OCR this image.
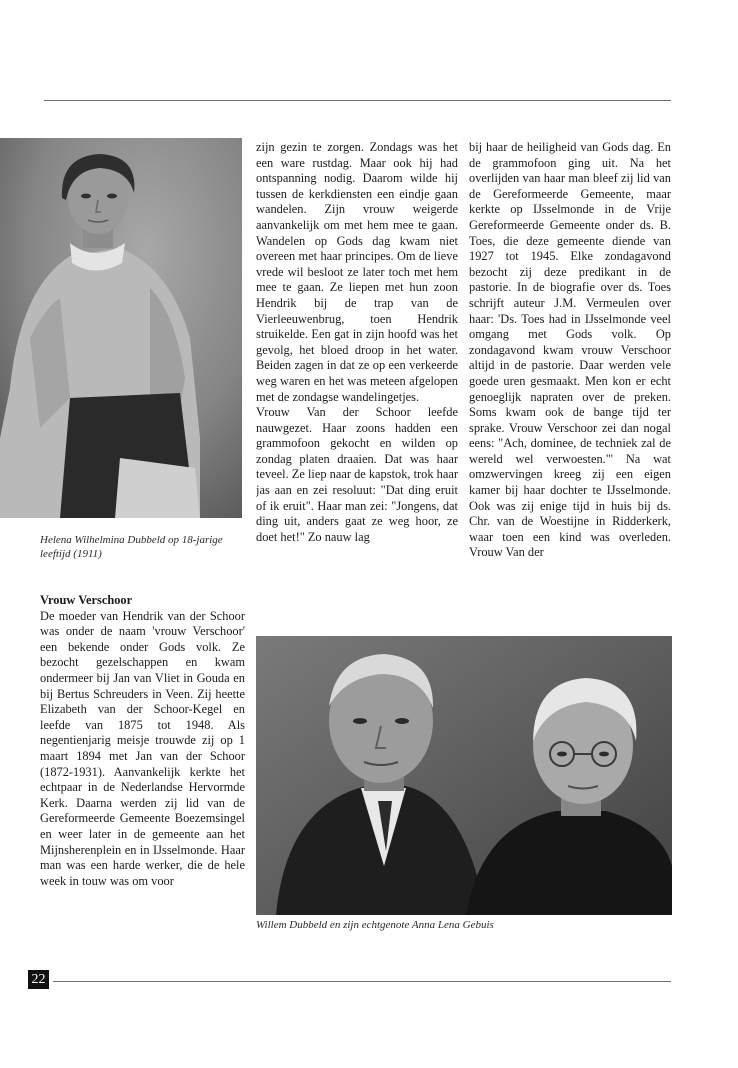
Helena Wilhelmina Dubbeld op 18-jarige leeftijd (1911)

Vrouw Verschoor

De moeder van Hendrik van der Schoor was onder de naam 'vrouw Verschoor' een bekende onder Gods volk. Ze bezocht gezelschappen en kwam ondermeer bij Jan van Vliet in Gouda en bij Bertus Schreuders in Veen. Zij heette Elizabeth van der Schoor-Kegel en leefde van 1875 tot 1948. Als negentienjarig meisje trouwde zij op 1 maart 1894 met Jan van der Schoor (1872-1931). Aanvankelijk kerkte het echtpaar in de Nederlandse Hervormde Kerk. Daarna werden zij lid van de Gereformeerde Gemeente Boezemsingel en weer later in de gemeente aan het Mijnsherenplein en in IJsselmonde. Haar man was een harde werker, die de hele week in touw was om voor

zijn gezin te zorgen. Zondags was het een ware rustdag. Maar ook hij had ontspanning nodig. Daarom wilde hij tussen de kerkdiensten een eindje gaan wandelen. Zijn vrouw weigerde aanvankelijk om met hem mee te gaan. Wandelen op Gods dag kwam niet overeen met haar principes. Om de lieve vrede wil besloot ze later toch met hem mee te gaan. Ze liepen met hun zoon Hendrik bij de trap van de Vierleeuwenbrug, toen Hendrik struikelde. Een gat in zijn hoofd was het gevolg, het bloed droop in het water. Beiden zagen in dat ze op een verkeerde weg waren en het was meteen afgelopen met de zondagse wandelingetjes.

Vrouw Van der Schoor leefde nauwgezet. Haar zoons hadden een grammofoon gekocht en wilden op zondag platen draaien. Dat was haar teveel. Ze liep naar de kapstok, trok haar jas aan en zei resoluut: "Dat ding eruit of ik eruit". Haar man zei: "Jongens, dat ding uit, anders gaat ze weg hoor, ze doet het!" Zo nauw lag

bij haar de heiligheid van Gods dag. En de grammofoon ging uit. Na het overlijden van haar man bleef zij lid van de Gereformeerde Gemeente, maar kerkte op IJsselmonde in de Vrije Gereformeerde Gemeente onder ds. B. Toes, die deze gemeente diende van 1927 tot 1945. Elke zondagavond bezocht zij deze predikant in de pastorie. In de biografie over ds. Toes schrijft auteur J.M. Vermeulen over haar: 'Ds. Toes had in IJsselmonde veel omgang met Gods volk. Op zondagavond kwam vrouw Verschoor altijd in de pastorie. Daar werden vele goede uren gesmaakt. Men kon er echt genoeglijk napraten over de preken. Soms kwam ook de bange tijd ter sprake. Vrouw Verschoor zei dan nogal eens: "Ach, dominee, de techniek zal de wereld wel verwoesten."' Na wat omzwervingen kreeg zij een eigen kamer bij haar dochter te IJsselmonde. Ook was zij enige tijd in huis bij ds. Chr. van de Woestijne in Ridderkerk, waar toen een kind was overleden. Vrouw Van der

Willem Dubbeld en zijn echtgenote Anna Lena Gebuis

22
